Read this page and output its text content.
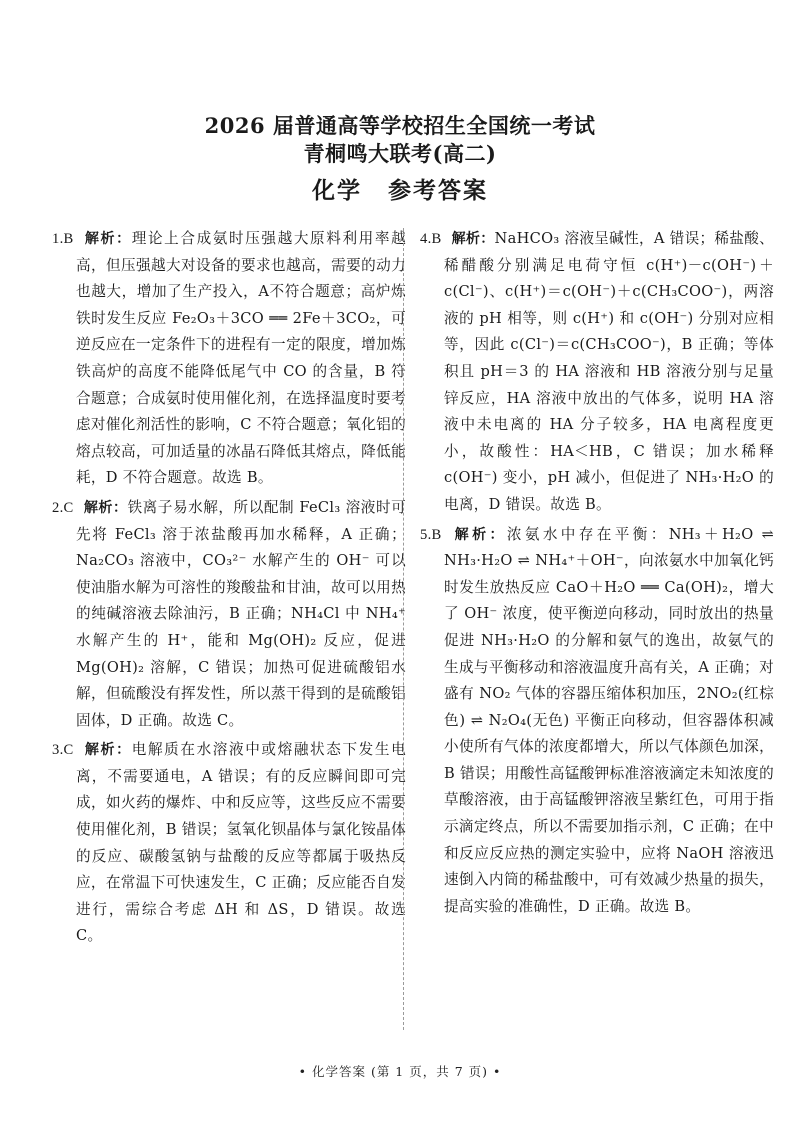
2026 届普通高等学校招生全国统一考试
青桐鸣大联考(高二)
化学 参考答案

1.B 解析：理论上合成氨时压强越大原料利用率越高，但压强越大对设备的要求也越高，需要的动力也越大，增加了生产投入，A不符合题意；高炉炼铁时发生反应 Fe₂O₃＋3CO ══ 2Fe＋3CO₂，可逆反应在一定条件下的进程有一定的限度，增加炼铁高炉的高度不能降低尾气中 CO 的含量，B 符合题意；合成氨时使用催化剂，在选择温度时要考虑对催化剂活性的影响，C 不符合题意；氧化铝的熔点较高，可加适量的冰晶石降低其熔点，降低能耗，D 不符合题意。故选 B。

2.C 解析：铁离子易水解，所以配制 FeCl₃ 溶液时可先将 FeCl₃ 溶于浓盐酸再加水稀释，A 正确；Na₂CO₃ 溶液中，CO₃²⁻ 水解产生的 OH⁻ 可以使油脂水解为可溶性的羧酸盐和甘油，故可以用热的纯碱溶液去除油污，B 正确；NH₄Cl 中 NH₄⁺ 水解产生的 H⁺，能和 Mg(OH)₂ 反应，促进 Mg(OH)₂ 溶解，C 错误；加热可促进硫酸铝水解，但硫酸没有挥发性，所以蒸干得到的是硫酸铝固体，D 正确。故选 C。

3.C 解析：电解质在水溶液中或熔融状态下发生电离，不需要通电，A 错误；有的反应瞬间即可完成，如火药的爆炸、中和反应等，这些反应不需要使用催化剂，B 错误；氢氧化钡晶体与氯化铵晶体的反应、碳酸氢钠与盐酸的反应等都属于吸热反应，在常温下可快速发生，C 正确；反应能否自发进行，需综合考虑 ΔH 和 ΔS，D 错误。故选 C。

4.B 解析：NaHCO₃ 溶液呈碱性，A 错误；稀盐酸、稀醋酸分别满足电荷守恒 c(H⁺)－c(OH⁻)＋c(Cl⁻)、c(H⁺)＝c(OH⁻)＋c(CH₃COO⁻)，两溶液的 pH 相等，则 c(H⁺) 和 c(OH⁻) 分别对应相等，因此 c(Cl⁻)＝c(CH₃COO⁻)，B 正确；等体积且 pH＝3 的 HA 溶液和 HB 溶液分别与足量锌反应，HA 溶液中放出的气体多，说明 HA 溶液中未电离的 HA 分子较多，HA 电离程度更小，故酸性：HA＜HB，C 错误；加水稀释 c(OH⁻) 变小，pH 减小，但促进了 NH₃·H₂O 的电离，D 错误。故选 B。

5.B 解析：浓氨水中存在平衡：NH₃＋H₂O ⇌ NH₃·H₂O ⇌ NH₄⁺＋OH⁻，向浓氨水中加氧化钙时发生放热反应 CaO＋H₂O ══ Ca(OH)₂，增大了 OH⁻ 浓度，使平衡逆向移动，同时放出的热量促进 NH₃·H₂O 的分解和氨气的逸出，故氨气的生成与平衡移动和溶液温度升高有关，A 正确；对盛有 NO₂ 气体的容器压缩体积加压，2NO₂(红棕色) ⇌ N₂O₄(无色) 平衡正向移动，但容器体积减小使所有气体的浓度都增大，所以气体颜色加深，B 错误；用酸性高锰酸钾标准溶液滴定未知浓度的草酸溶液，由于高锰酸钾溶液呈紫红色，可用于指示滴定终点，所以不需要加指示剂，C 正确；在中和反应反应热的测定实验中，应将 NaOH 溶液迅速倒入内筒的稀盐酸中，可有效减少热量的损失，提高实验的准确性，D 正确。故选 B。

• 化学答案 (第 1 页，共 7 页) •
